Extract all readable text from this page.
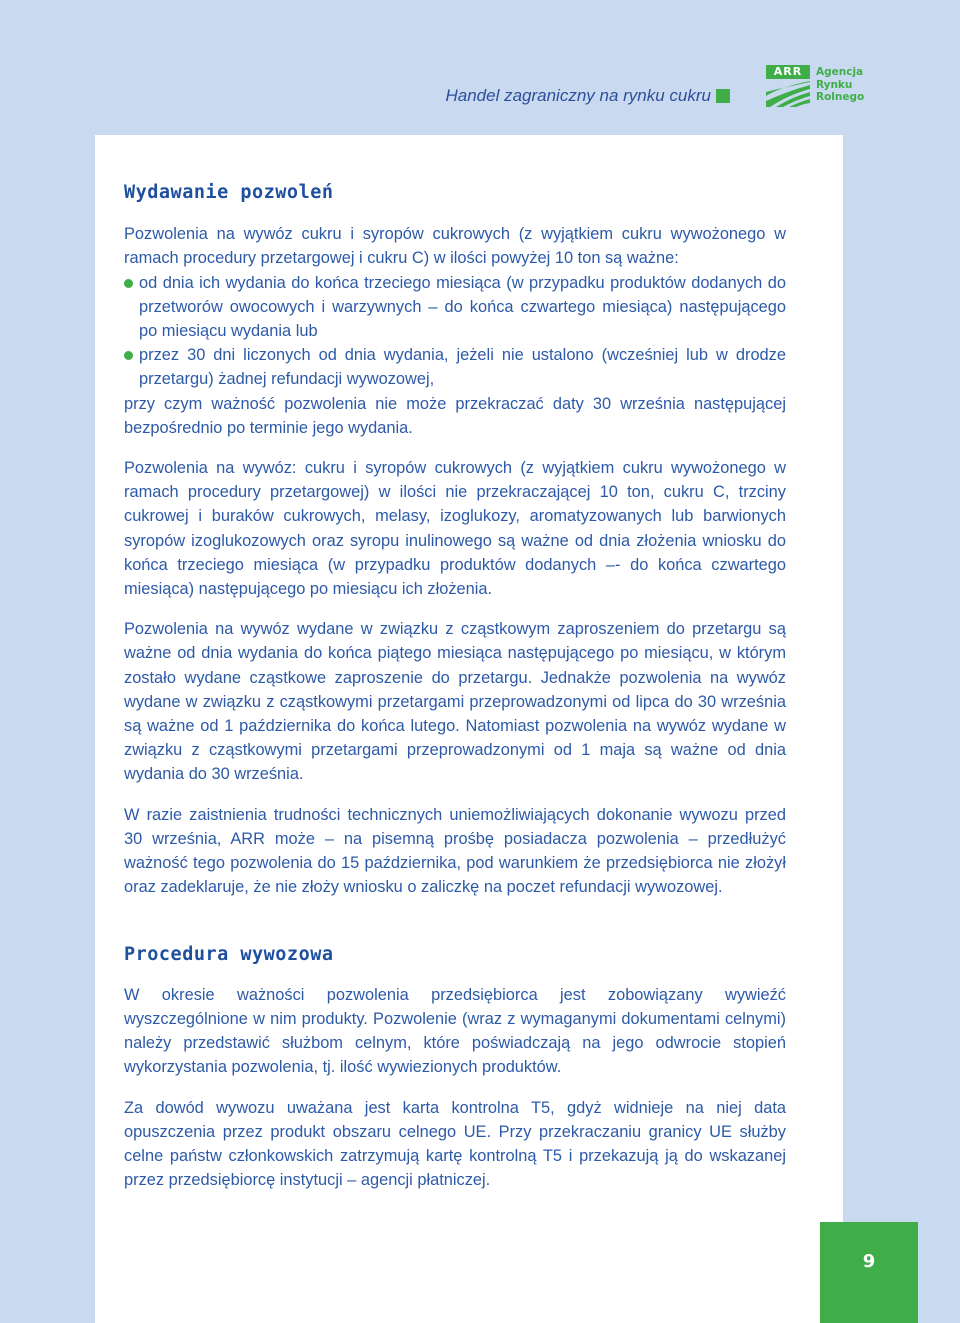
Handel zagraniczny na rynku cukru
ARR	Agencja
Rynku
Rolnego
Wydawanie pozwoleń

Pozwolenia na wywóz cukru i syropów cukrowych (z wyjątkiem cukru wywożonego w ramach procedury przetargowej i cukru C) w ilości powyżej 10 ton są ważne:

od dnia ich wydania do końca trzeciego miesiąca (w przypadku produktów dodanych do przetworów owocowych i warzywnych – do końca czwartego miesiąca) następującego po miesiącu wydania lub
przez 30 dni liczonych od dnia wydania, jeżeli nie ustalono (wcześniej lub w drodze przetargu) żadnej refundacji wywozowej,

przy czym ważność pozwolenia nie może przekraczać daty 30 września następującej bezpośrednio po terminie jego wydania.

Pozwolenia na wywóz: cukru i syropów cukrowych (z wyjątkiem cukru wywożonego w ramach procedury przetargowej) w ilości nie przekraczającej 10 ton, cukru C, trzciny cukrowej i buraków cukrowych, melasy, izoglukozy, aromatyzowanych lub barwionych syropów izoglukozowych oraz syropu inulinowego są ważne od dnia złożenia wniosku do końca trzeciego miesiąca (w przypadku produktów dodanych –- do końca czwartego miesiąca) następującego po miesiącu ich złożenia.

Pozwolenia na wywóz wydane w związku z cząstkowym zaproszeniem do przetargu są ważne od dnia wydania do końca piątego miesiąca następującego po miesiącu, w którym zostało wydane cząstkowe zaproszenie do przetargu. Jednakże pozwolenia na wywóz wydane w związku z cząstkowymi przetargami przeprowadzonymi od lipca do 30 września są ważne od 1 października do końca lutego. Natomiast pozwolenia na wywóz wydane w związku z cząstkowymi przetargami przeprowadzonymi od 1 maja są ważne od dnia wydania do 30 września.

W razie zaistnienia trudności technicznych uniemożliwiających dokonanie wywozu przed 30 września, ARR może – na pisemną prośbę posiadacza pozwolenia – przedłużyć ważność tego pozwolenia do 15 października, pod warunkiem że przedsiębiorca nie złożył oraz zadeklaruje, że nie złoży wniosku o zaliczkę na poczet refundacji wywozowej.

Procedura wywozowa

W okresie ważności pozwolenia przedsiębiorca jest zobowiązany wywieźć wyszczególnione w nim produkty. Pozwolenie (wraz z wymaganymi dokumentami celnymi) należy przedstawić służbom celnym, które poświadczają na jego odwrocie stopień wykorzystania pozwolenia, tj. ilość wywiezionych produktów.

Za dowód wywozu uważana jest karta kontrolna T5, gdyż widnieje na niej data opuszczenia przez produkt obszaru celnego UE. Przy przekraczaniu granicy UE służby celne państw członkowskich zatrzymują kartę kontrolną T5 i przekazują ją do wskazanej przez przedsiębiorcę instytucji – agencji płatniczej.

9
